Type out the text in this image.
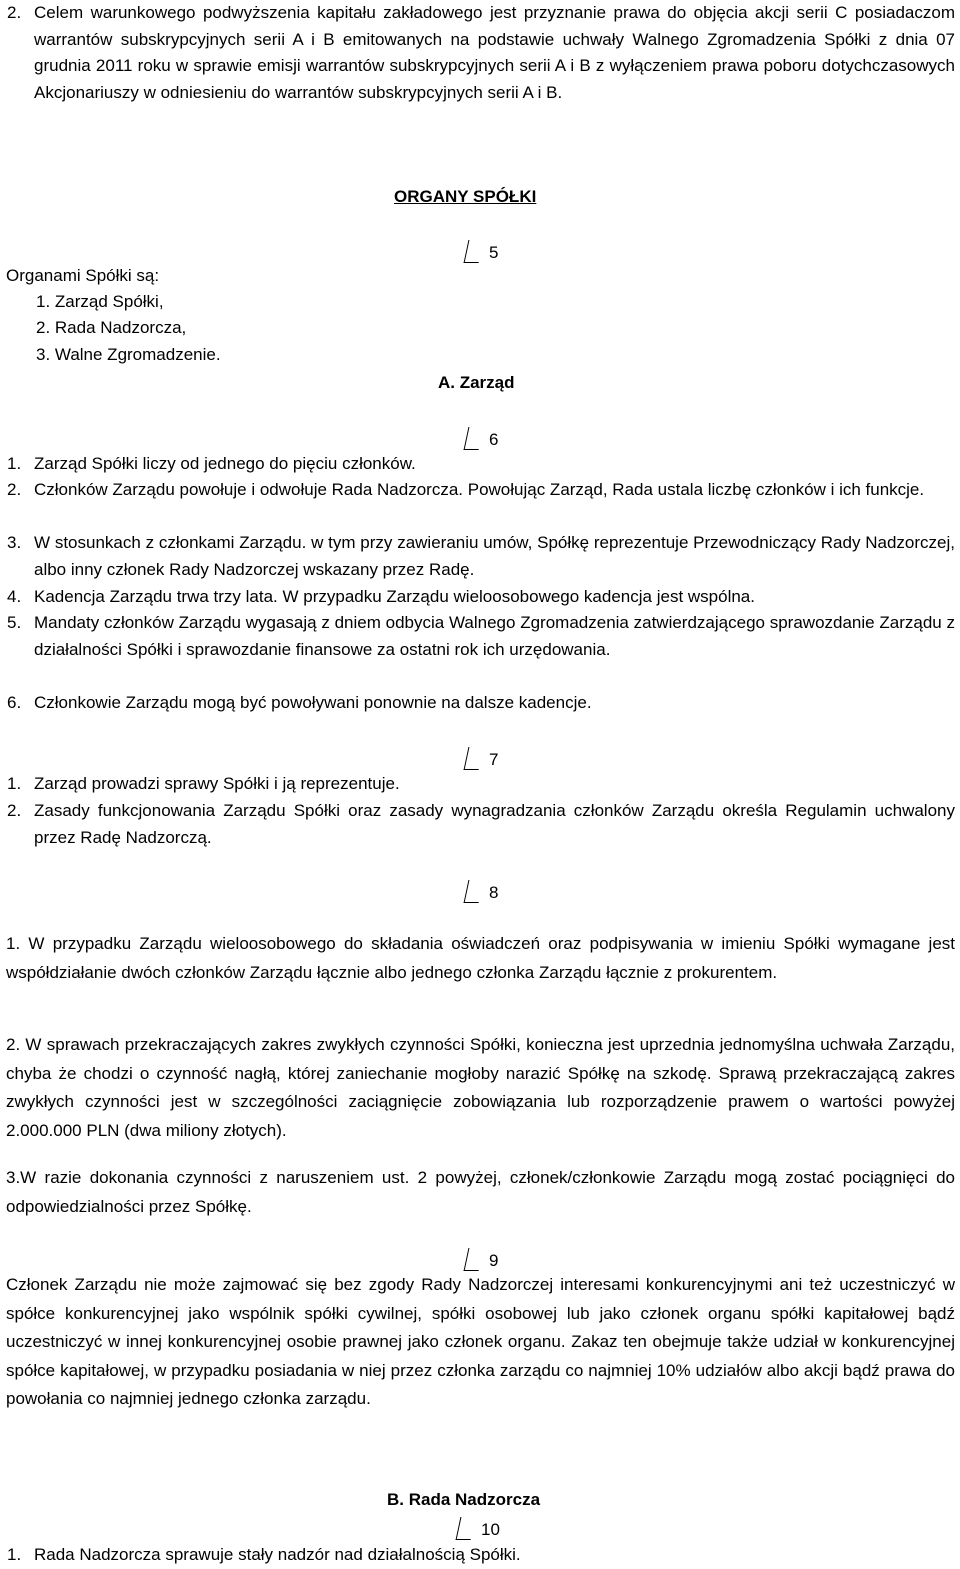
2. Celem warunkowego podwyższenia kapitału zakładowego jest przyznanie prawa do objęcia akcji serii C posiadaczom warrantów subskrypcyjnych serii A i B emitowanych na podstawie uchwały Walnego Zgromadzenia Spółki z dnia 07 grudnia 2011 roku w sprawie emisji warrantów subskrypcyjnych serii A i B z wyłączeniem prawa poboru dotychczasowych Akcjonariuszy w odniesieniu do warrantów subskrypcyjnych serii A i B.
ORGANY SPÓŁKI
5
Organami Spółki są:
1. Zarząd Spółki,
2. Rada Nadzorcza,
3. Walne Zgromadzenie.
A. Zarząd
6
1. Zarząd Spółki liczy od jednego do pięciu członków.
2. Członków Zarządu powołuje i odwołuje Rada Nadzorcza. Powołując Zarząd, Rada ustala liczbę członków i ich funkcje.
3. W stosunkach z członkami Zarządu. w tym przy zawieraniu umów, Spółkę reprezentuje Przewodniczący Rady Nadzorczej, albo inny członek Rady Nadzorczej wskazany przez Radę.
4. Kadencja Zarządu trwa trzy lata. W przypadku Zarządu wieloosobowego kadencja jest wspólna.
5. Mandaty członków Zarządu wygasają z dniem odbycia Walnego Zgromadzenia zatwierdzającego sprawozdanie Zarządu z działalności Spółki i sprawozdanie finansowe za ostatni rok ich urzędowania.
6. Członkowie Zarządu mogą być powoływani ponownie na dalsze kadencje.
7
1. Zarząd prowadzi sprawy Spółki i ją reprezentuje.
2. Zasady funkcjonowania Zarządu Spółki oraz zasady wynagradzania członków Zarządu określa Regulamin uchwalony przez Radę Nadzorczą.
8

1. W przypadku Zarządu wieloosobowego do składania oświadczeń oraz podpisywania w imieniu Spółki wymagane jest współdziałanie dwóch członków Zarządu łącznie albo jednego członka Zarządu łącznie z prokurentem.

2. W sprawach przekraczających zakres zwykłych czynności Spółki, konieczna jest uprzednia jednomyślna uchwała Zarządu, chyba że chodzi o czynność nagłą, której zaniechanie mogłoby narazić Spółkę na szkodę. Sprawą przekraczającą zakres zwykłych czynności jest w szczególności zaciągnięcie zobowiązania lub rozporządzenie prawem o wartości powyżej 2.000.000 PLN (dwa miliony złotych).

3.W razie dokonania czynności z naruszeniem ust. 2 powyżej, członek/członkowie Zarządu mogą zostać pociągnięci do odpowiedzialności przez Spółkę.

9

Członek Zarządu nie może zajmować się bez zgody Rady Nadzorczej interesami konkurencyjnymi ani też uczestniczyć w spółce konkurencyjnej jako wspólnik spółki cywilnej, spółki osobowej lub jako członek organu spółki kapitałowej bądź uczestniczyć w innej konkurencyjnej osobie prawnej jako członek organu. Zakaz ten obejmuje także udział w konkurencyjnej spółce kapitałowej, w przypadku posiadania w niej przez członka zarządu co najmniej 10% udziałów albo akcji bądź prawa do powołania co najmniej jednego członka zarządu.

B. Rada Nadzorcza
10
1. Rada Nadzorcza sprawuje stały nadzór nad działalnością Spółki.
